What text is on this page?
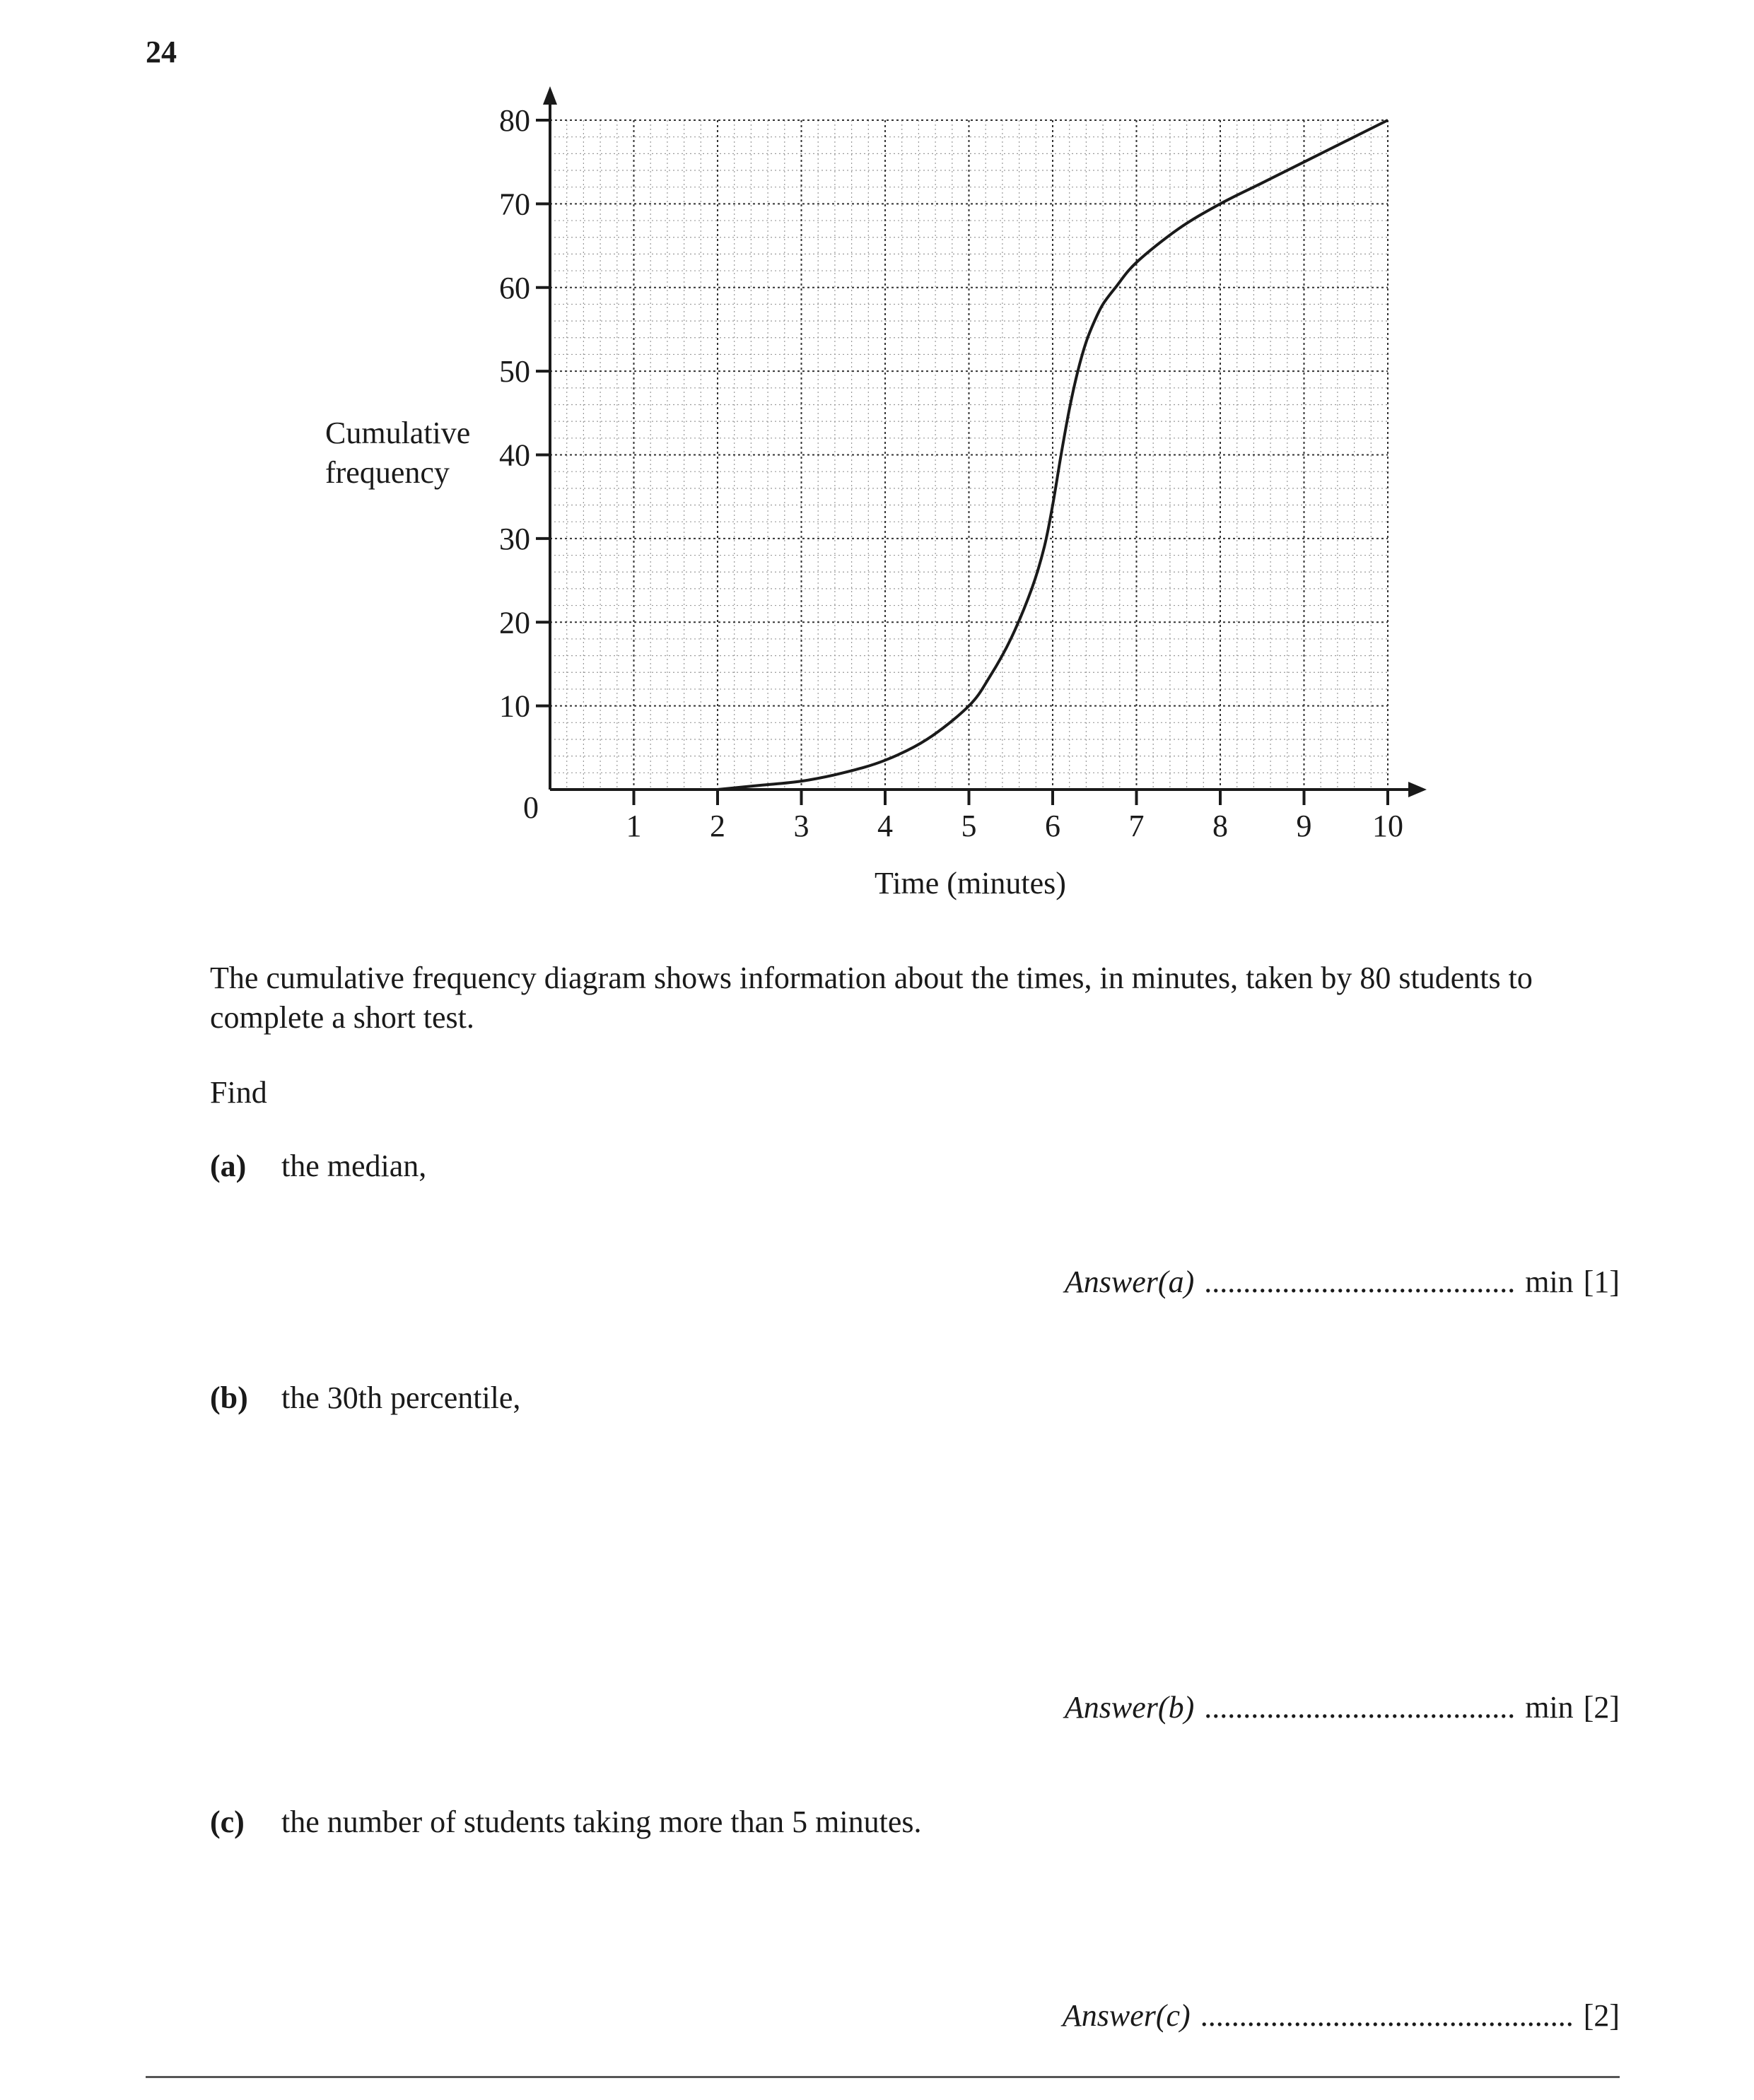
24
10
20
30
40
50
60
70
80
1 2 3 4 5 6 7 8 9 10
0
Cumulative frequency
Time (minutes)
The cumulative frequency diagram shows information about the times, in minutes, taken by 80 students to complete a short test.
Find
(a) the median,
Answer(a) ........................................ min [1]
(b) the 30th percentile,
Answer(b) ........................................ min [2]
(c) the number of students taking more than 5 minutes.
Answer(c) ................................................ [2]
